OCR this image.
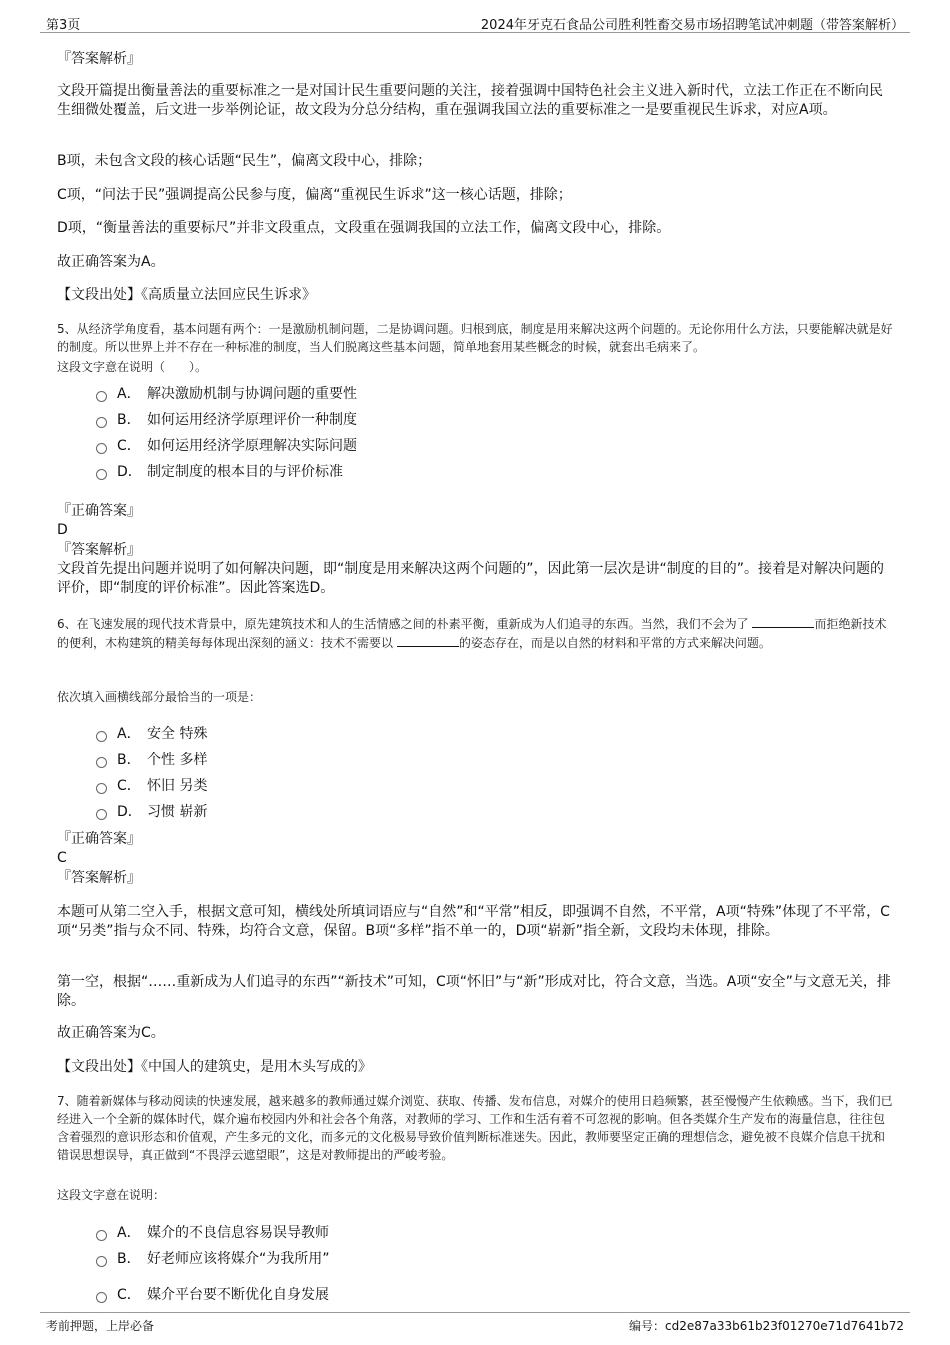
第3页	2024年牙克石食品公司胜利牲畜交易市场招聘笔试冲刺题（带答案解析）
『答案解析』
文段开篇提出衡量善法的重要标准之一是对国计民生重要问题的关注，接着强调中国特色社会主义进入新时代，立法工作正在不断向民生细微处覆盖，后文进一步举例论证，故文段为分总分结构，重在强调我国立法的重要标准之一是要重视民生诉求，对应A项。
B项，未包含文段的核心话题“民生”，偏离文段中心，排除；
C项，“问法于民”强调提高公民参与度，偏离“重视民生诉求”这一核心话题，排除；
D项，“衡量善法的重要标尺”并非文段重点，文段重在强调我国的立法工作，偏离文段中心，排除。
故正确答案为A。
【文段出处】《高质量立法回应民生诉求》
5、从经济学角度看，基本问题有两个：一是激励机制问题，二是协调问题。归根到底，制度是用来解决这两个问题的。无论你用什么方法，只要能解决就是好的制度。所以世界上并不存在一种标准的制度，当人们脱离这些基本问题，简单地套用某些概念的时候，就套出毛病来了。
这段文字意在说明（　　）。
A． 解决激励机制与协调问题的重要性
B． 如何运用经济学原理评价一种制度
C． 如何运用经济学原理解决实际问题
D． 制定制度的根本目的与评价标准
『正确答案』
D
『答案解析』
文段首先提出问题并说明了如何解决问题，即“制度是用来解决这两个问题的”，因此第一层次是讲“制度的目的”。接着是对解决问题的评价，即“制度的评价标准”。因此答案选D。
6、在飞速发展的现代技术背景中，原先建筑技术和人的生活情感之间的朴素平衡，重新成为人们追寻的东西。当然，我们不会为了	而拒绝新技术的便利，木构建筑的精美每每体现出深刻的涵义：技术不需要以	的姿态存在，而是以自然的材料和平常的方式来解决问题。
依次填入画横线部分最恰当的一项是：
A． 安全 特殊
B． 个性 多样
C． 怀旧 另类
D． 习惯 崭新
『正确答案』
C
『答案解析』
本题可从第二空入手，根据文意可知，横线处所填词语应与“自然”和“平常”相反，即强调不自然，不平常，A项“特殊”体现了不平常，C项“另类”指与众不同、特殊，均符合文意，保留。B项“多样”指不单一的，D项“崭新”指全新，文段均未体现，排除。
第一空，根据“……重新成为人们追寻的东西”“新技术”可知，C项“怀旧”与“新”形成对比，符合文意，当选。A项“安全”与文意无关，排除。
故正确答案为C。
【文段出处】《中国人的建筑史，是用木头写成的》
7、随着新媒体与移动阅读的快速发展，越来越多的教师通过媒介浏览、获取、传播、发布信息，对媒介的使用日趋频繁，甚至慢慢产生依赖感。当下，我们已经进入一个全新的媒体时代，媒介遍布校园内外和社会各个角落，对教师的学习、工作和生活有着不可忽视的影响。但各类媒介生产发布的海量信息，往往包含着强烈的意识形态和价值观，产生多元的文化，而多元的文化极易导致价值判断标准迷失。因此，教师要坚定正确的理想信念，避免被不良媒介信息干扰和错误思想误导，真正做到“不畏浮云遮望眼”，这是对教师提出的严峻考验。
这段文字意在说明：
A． 媒介的不良信息容易误导教师
B． 好老师应该将媒介“为我所用”
C． 媒介平台要不断优化自身发展
考前押题，上岸必备	编号：cd2e87a33b61b23f01270e71d7641b72
